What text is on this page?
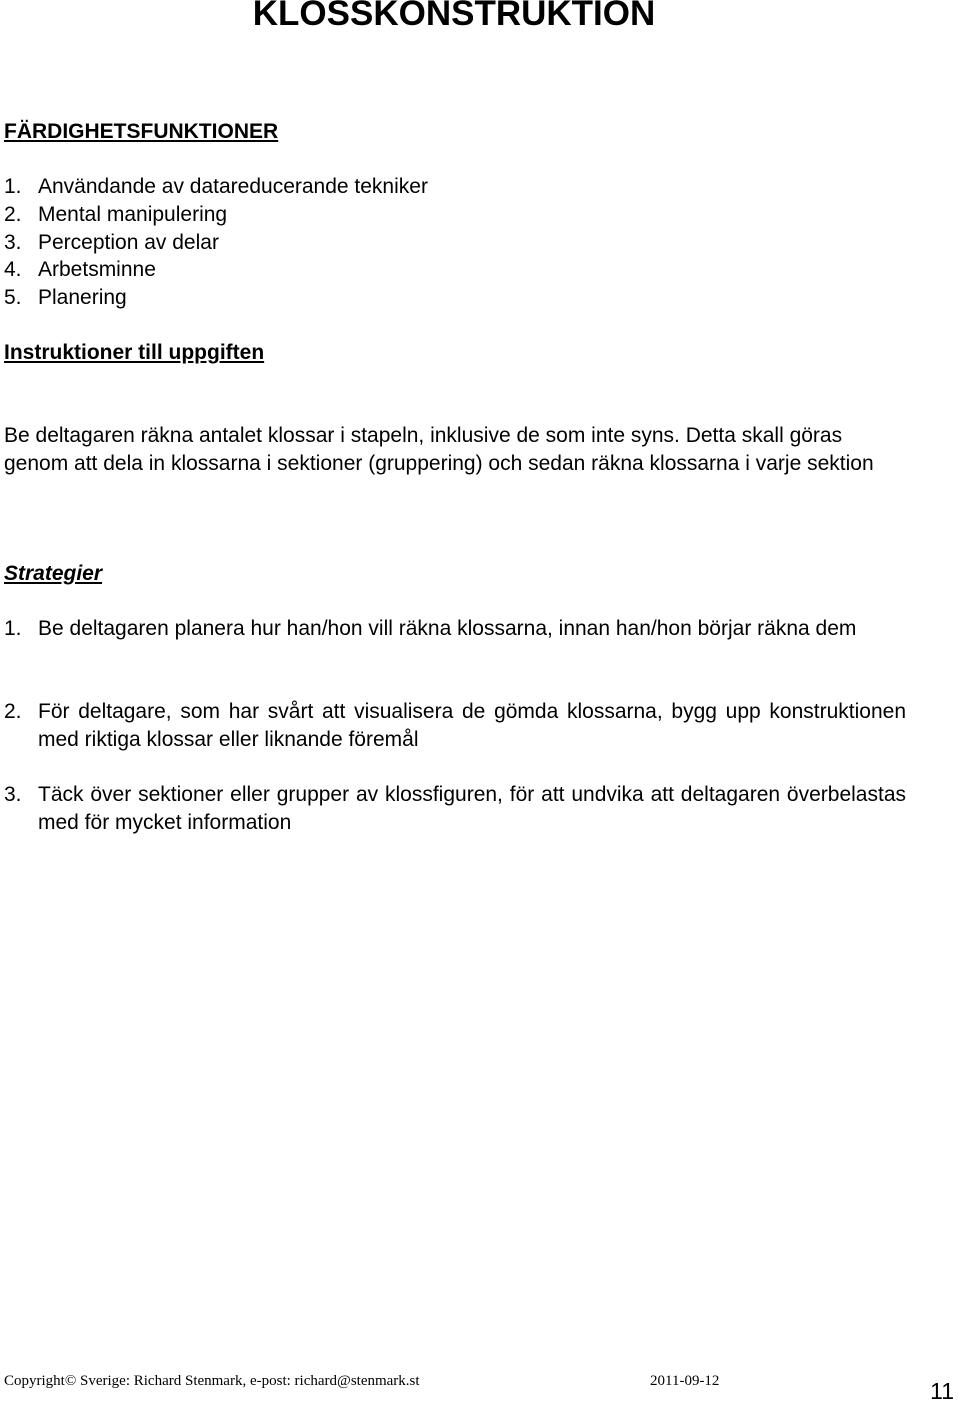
KLOSSKONSTRUKTION
FÄRDIGHETSFUNKTIONER
1. Användande av datareducerande tekniker
2. Mental manipulering
3. Perception av delar
4. Arbetsminne
5. Planering
Instruktioner till uppgiften

Be deltagaren räkna antalet klossar i stapeln, inklusive de som inte syns. Detta skall göras genom att dela in klossarna i sektioner (gruppering) och sedan räkna klossarna i varje sektion

Strategier
1. Be deltagaren planera hur han/hon vill räkna klossarna, innan han/hon börjar räkna dem
2. För deltagare, som har svårt att visualisera de gömda klossarna, bygg upp konstruktionen med riktiga klossar eller liknande föremål
3. Täck över sektioner eller grupper av klossfiguren, för att undvika att deltagaren överbelastas med för mycket information
Copyright© Sverige: Richard Stenmark, e-post: richard@stenmark.st	2011-09-12	11
